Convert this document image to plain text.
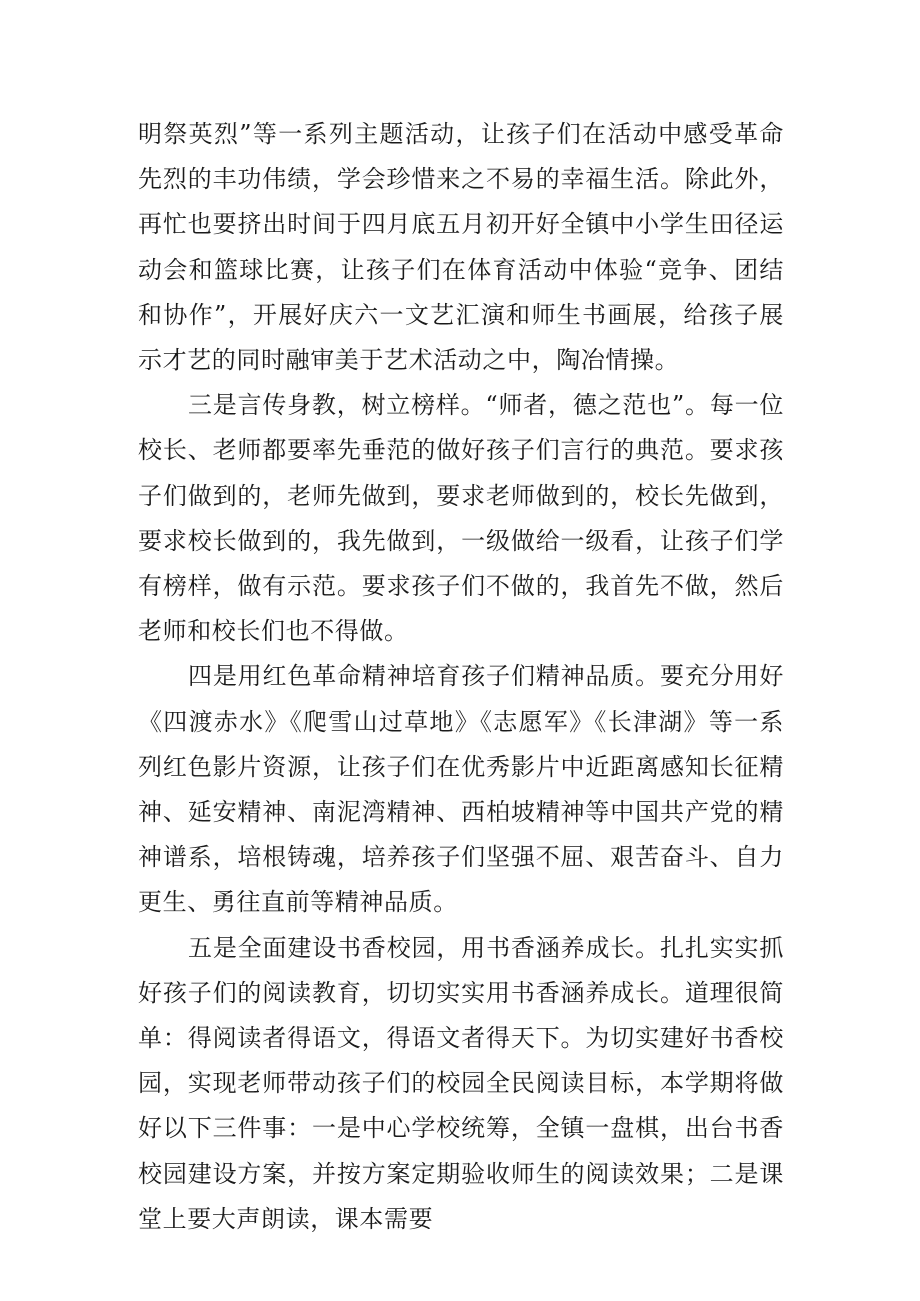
明祭英烈”等一系列主题活动，让孩子们在活动中感受革命先烈的丰功伟绩，学会珍惜来之不易的幸福生活。除此外，再忙也要挤出时间于四月底五月初开好全镇中小学生田径运动会和篮球比赛，让孩子们在体育活动中体验“竞争、团结和协作”，开展好庆六一文艺汇演和师生书画展，给孩子展示才艺的同时融审美于艺术活动之中，陶冶情操。

三是言传身教，树立榜样。“师者，德之范也”。每一位校长、老师都要率先垂范的做好孩子们言行的典范。要求孩子们做到的，老师先做到，要求老师做到的，校长先做到，要求校长做到的，我先做到，一级做给一级看，让孩子们学有榜样，做有示范。要求孩子们不做的，我首先不做，然后老师和校长们也不得做。

四是用红色革命精神培育孩子们精神品质。要充分用好《四渡赤水》《爬雪山过草地》《志愿军》《长津湖》等一系列红色影片资源，让孩子们在优秀影片中近距离感知长征精神、延安精神、南泥湾精神、西柏坡精神等中国共产党的精神谱系，培根铸魂，培养孩子们坚强不屈、艰苦奋斗、自力更生、勇往直前等精神品质。

五是全面建设书香校园，用书香涵养成长。扎扎实实抓好孩子们的阅读教育，切切实实用书香涵养成长。道理很简单：得阅读者得语文，得语文者得天下。为切实建好书香校园，实现老师带动孩子们的校园全民阅读目标，本学期将做好以下三件事：一是中心学校统筹，全镇一盘棋，出台书香校园建设方案，并按方案定期验收师生的阅读效果；二是课堂上要大声朗读，课本需要
